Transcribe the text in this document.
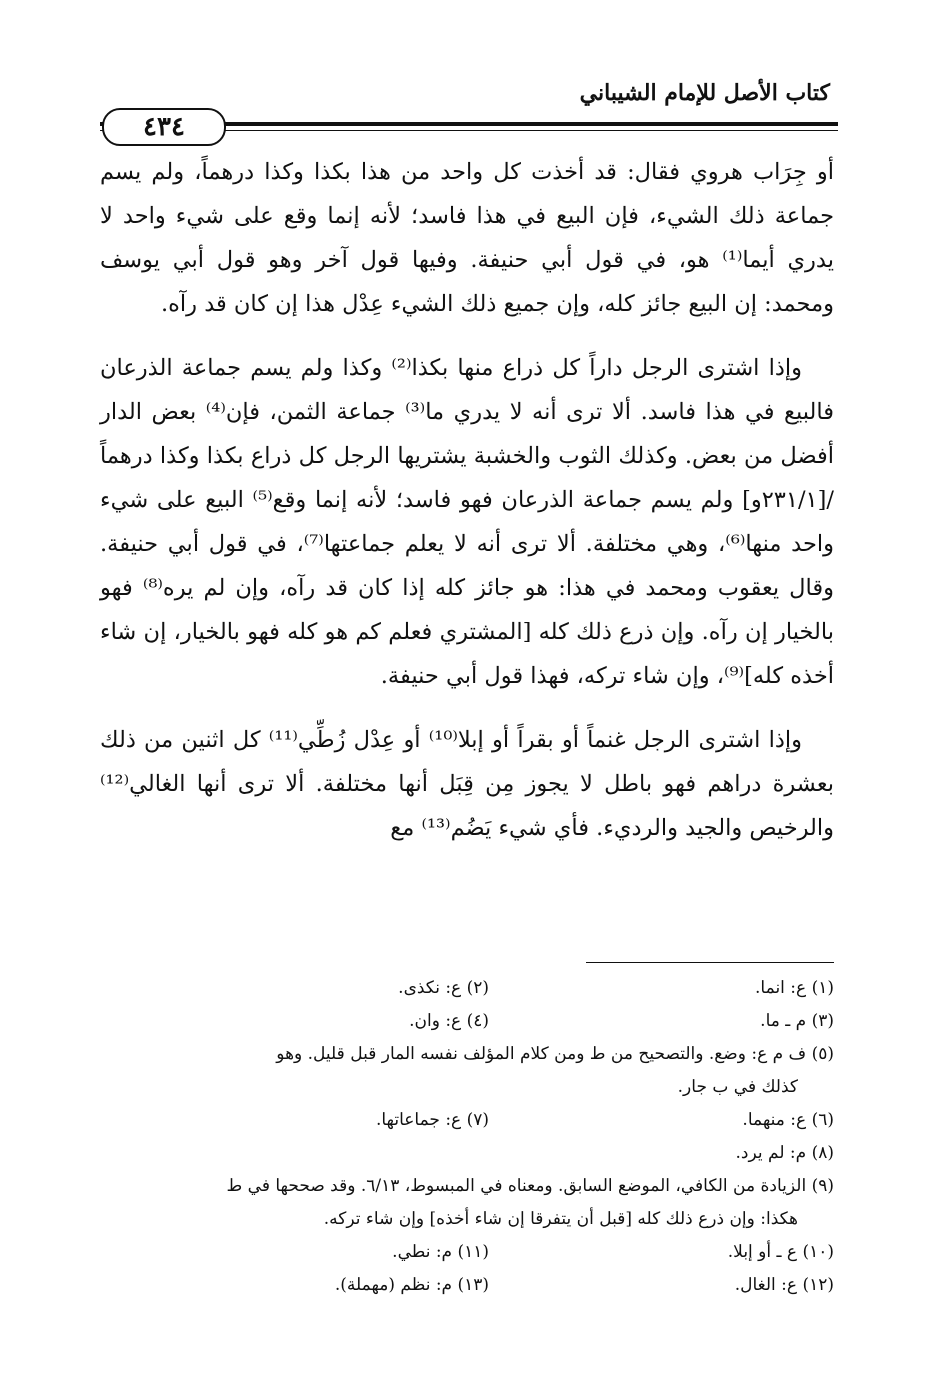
كتاب الأصل للإمام الشيباني
٤٣٤

أو جِرَاب هروي فقال: قد أخذت كل واحد من هذا بكذا وكذا درهماً، ولم يسم جماعة ذلك الشيء، فإن البيع في هذا فاسد؛ لأنه إنما وقع على شيء واحد لا يدري أيما⁽¹⁾ هو، في قول أبي حنيفة. وفيها قول آخر وهو قول أبي يوسف ومحمد: إن البيع جائز كله، وإن جميع ذلك الشيء عِدْل هذا إن كان قد رآه.

وإذا اشترى الرجل داراً كل ذراع منها بكذا⁽²⁾ وكذا ولم يسم جماعة الذرعان فالبيع في هذا فاسد. ألا ترى أنه لا يدري ما⁽³⁾ جماعة الثمن، فإن⁽⁴⁾ بعض الدار أفضل من بعض. وكذلك الثوب والخشبة يشتريها الرجل كل ذراع بكذا وكذا درهماً /[٢٣١/١و] ولم يسم جماعة الذرعان فهو فاسد؛ لأنه إنما وقع⁽⁵⁾ البيع على شيء واحد منها⁽⁶⁾، وهي مختلفة. ألا ترى أنه لا يعلم جماعتها⁽⁷⁾، في قول أبي حنيفة. وقال يعقوب ومحمد في هذا: هو جائز كله إذا كان قد رآه، وإن لم يره⁽⁸⁾ فهو بالخيار إن رآه. وإن ذرع ذلك كله [المشتري فعلم كم هو كله فهو بالخيار، إن شاء أخذه كله]⁽⁹⁾، وإن شاء تركه، فهذا قول أبي حنيفة.

وإذا اشترى الرجل غنماً أو بقراً أو إبلا⁽¹⁰⁾ أو عِدْل زُطِّي⁽¹¹⁾ كل اثنين من ذلك بعشرة دراهم فهو باطل لا يجوز مِن قِبَل أنها مختلفة. ألا ترى أنها الغالي⁽¹²⁾ والرخيص والجيد والرديء. فأي شيء يَضُم⁽¹³⁾ مع

(١) ع: انما.
(٢) ع: نكذى.
(٣) م ـ ما.
(٤) ع: وان.
(٥) ف م ع: وضع. والتصحيح من ط ومن كلام المؤلف نفسه المار قبل قليل. وهو
كذلك في ب جار.
(٦) ع: منهما.
(٧) ع: جماعاتها.
(٨) م: لم يرد.
(٩) الزيادة من الكافي، الموضع السابق. ومعناه في المبسوط، ٦/١٣. وقد صححها في ط
هكذا: وإن ذرع ذلك كله [قبل أن يتفرقا إن شاء أخذه] وإن شاء تركه.
(١٠) ع ـ أو إبلا.
(١١) م: نطي.
(١٢) ع: الغال.
(١٣) م: نظم (مهملة).
